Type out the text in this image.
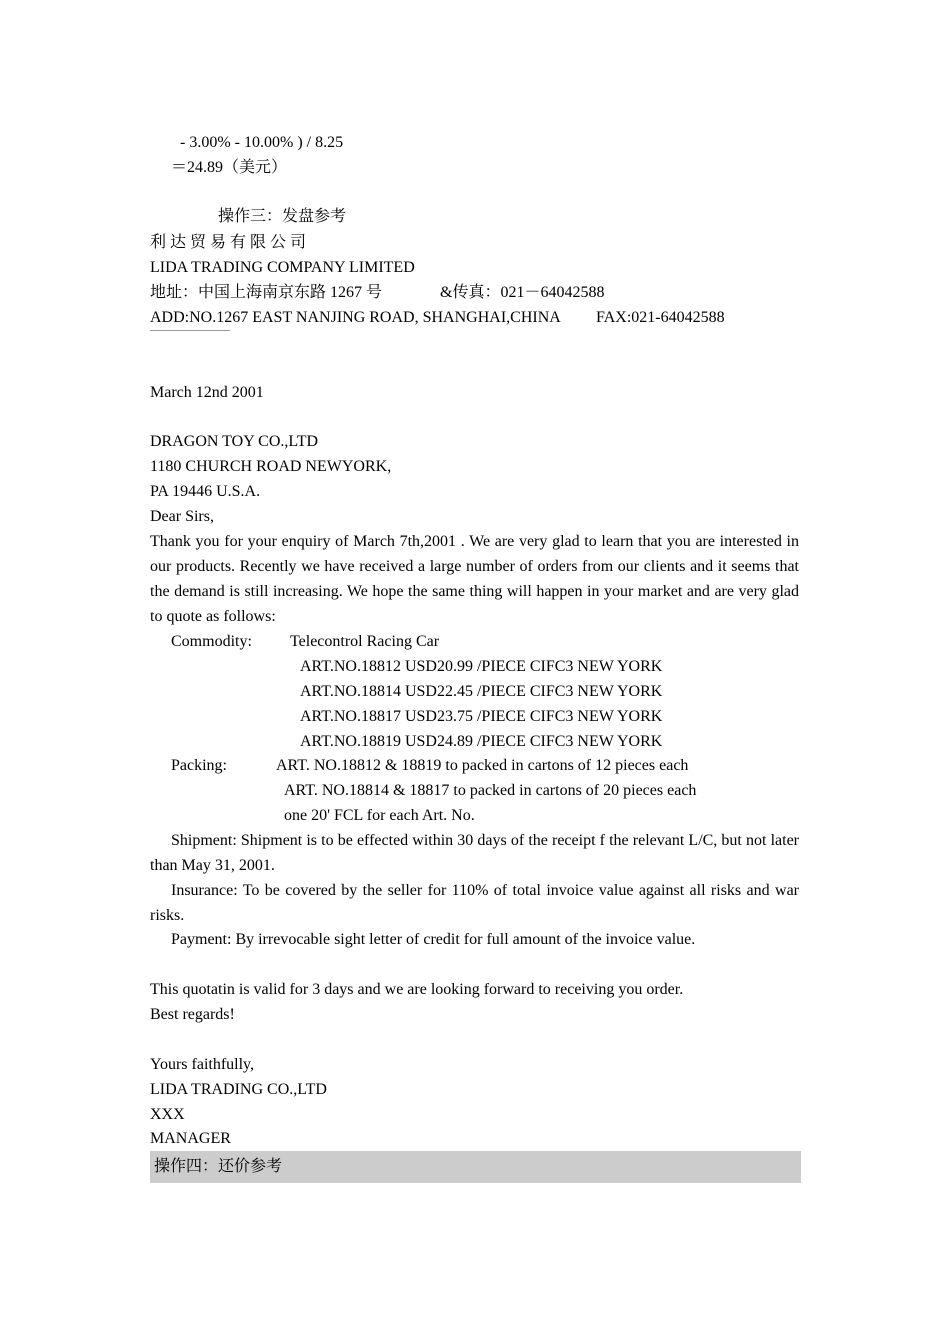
- 3.00% - 10.00% ) / 8.25
＝24.89（美元）
操作三：发盘参考
利 达 贸 易 有 限 公 司
LIDA TRADING COMPANY LIMITED
地址：中国上海南京东路 1267 号	&传真：021－64042588
ADD:NO.1267 EAST NANJING ROAD, SHANGHAI,CHINA FAX:021-64042588
March 12nd 2001
DRAGON TOY CO.,LTD
1180 CHURCH ROAD NEWYORK,
PA 19446 U.S.A.
Dear Sirs,
Thank you for your enquiry of March 7th,2001 . We are very glad to learn that you are interested in our products. Recently we have received a large number of orders from our clients and it seems that the demand is still increasing. We hope the same thing will happen in your market and are very glad to quote as follows:
Commodity: Telecontrol Racing Car
ART.NO.18812 USD20.99 /PIECE CIFC3 NEW YORK
ART.NO.18814 USD22.45 /PIECE CIFC3 NEW YORK
ART.NO.18817 USD23.75 /PIECE CIFC3 NEW YORK
ART.NO.18819 USD24.89 /PIECE CIFC3 NEW YORK
Packing:	ART. NO.18812 & 18819 to packed in cartons of 12 pieces each
ART. NO.18814 & 18817 to packed in cartons of 20 pieces each
one 20' FCL for each Art. No.
Shipment: Shipment is to be effected within 30 days of the receipt f the relevant L/C, but not later than May 31, 2001.
Insurance: To be covered by the seller for 110% of total invoice value against all risks and war risks.
Payment: By irrevocable sight letter of credit for full amount of the invoice value.
This quotatin is valid for 3 days and we are looking forward to receiving you order.
Best regards!
Yours faithfully,
LIDA TRADING CO.,LTD
XXX
MANAGER
操作四：还价参考
